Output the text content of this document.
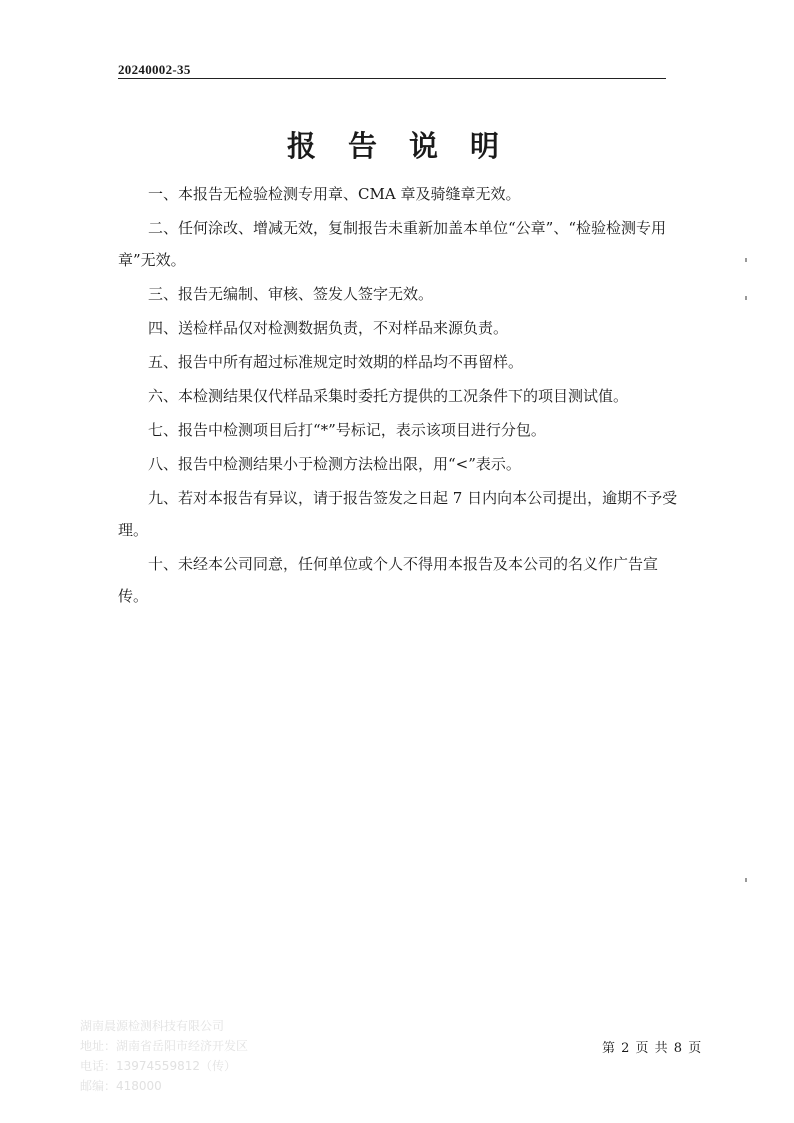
20240002-35
报告说明

一、本报告无检验检测专用章、CMA 章及骑缝章无效。

二、任何涂改、增减无效，复制报告未重新加盖本单位“公章”、“检验检测专用章”无效。

三、报告无编制、审核、签发人签字无效。

四、送检样品仅对检测数据负责，不对样品来源负责。

五、报告中所有超过标准规定时效期的样品均不再留样。

六、本检测结果仅代样品采集时委托方提供的工况条件下的项目测试值。

七、报告中检测项目后打“*”号标记，表示该项目进行分包。

八、报告中检测结果小于检测方法检出限，用“<”表示。

九、若对本报告有异议，请于报告签发之日起 7 日内向本公司提出，逾期不予受理。

十、未经本公司同意，任何单位或个人不得用本报告及本公司的名义作广告宣传。

湖南晨源检测科技有限公司
地址：湖南省岳阳市经济开发区
电话：13974559812（传）
邮编：418000
第 2 页 共 8 页
